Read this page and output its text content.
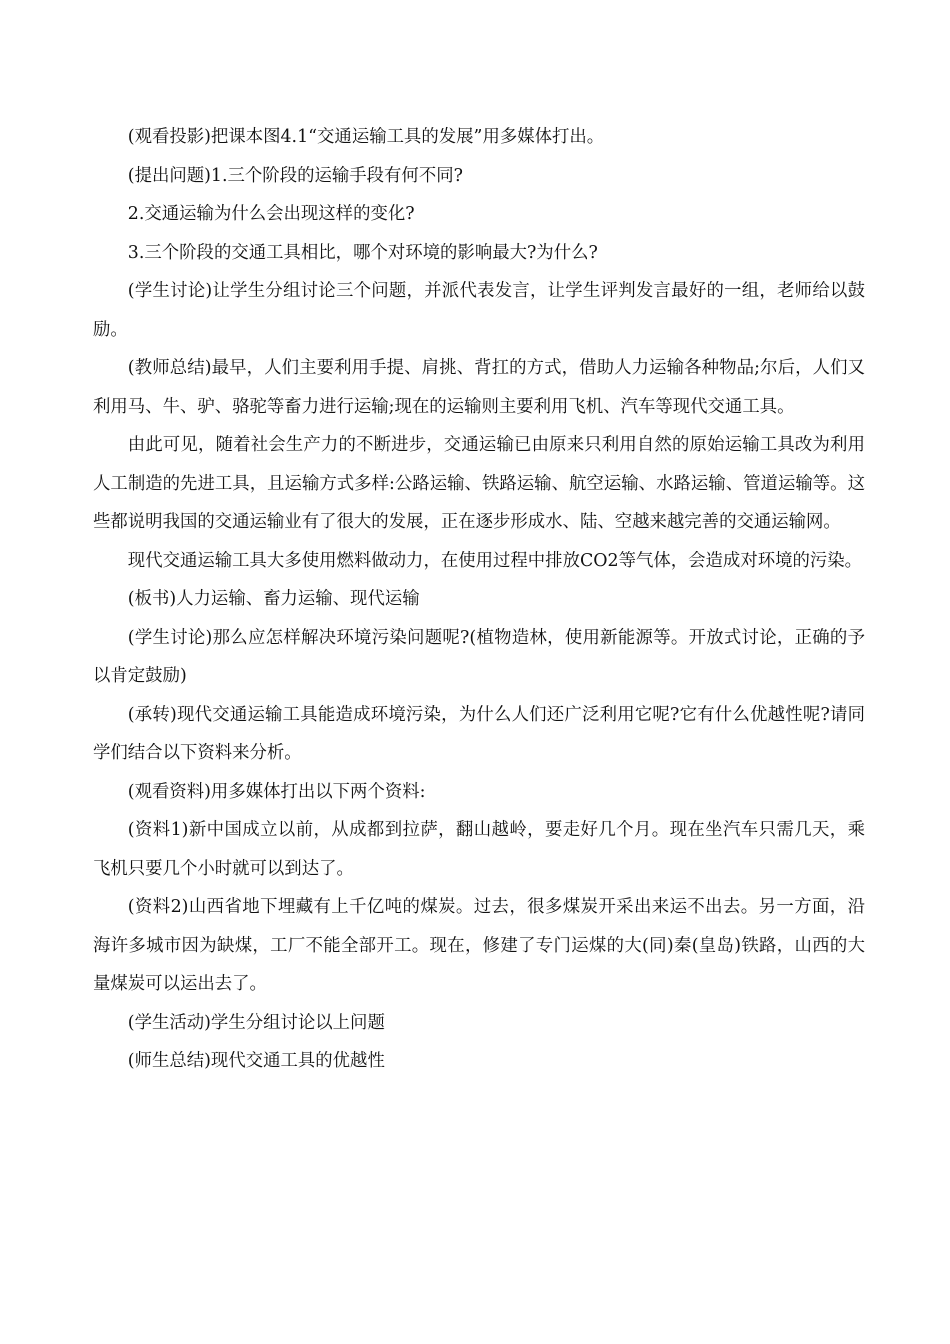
(观看投影)把课本图4.1“交通运输工具的发展”用多媒体打出。

(提出问题)1.三个阶段的运输手段有何不同?

2.交通运输为什么会出现这样的变化?

3.三个阶段的交通工具相比，哪个对环境的影响最大?为什么?

(学生讨论)让学生分组讨论三个问题，并派代表发言，让学生评判发言最好的一组，老师给以鼓励。

(教师总结)最早，人们主要利用手提、肩挑、背扛的方式，借助人力运输各种物品;尔后，人们又利用马、牛、驴、骆驼等畜力进行运输;现在的运输则主要利用飞机、汽车等现代交通工具。

由此可见，随着社会生产力的不断进步，交通运输已由原来只利用自然的原始运输工具改为利用人工制造的先进工具，且运输方式多样:公路运输、铁路运输、航空运输、水路运输、管道运输等。这些都说明我国的交通运输业有了很大的发展，正在逐步形成水、陆、空越来越完善的交通运输网。

现代交通运输工具大多使用燃料做动力，在使用过程中排放CO2等气体，会造成对环境的污染。

(板书)人力运输、畜力运输、现代运输

(学生讨论)那么应怎样解决环境污染问题呢?(植物造林，使用新能源等。开放式讨论，正确的予以肯定鼓励)

(承转)现代交通运输工具能造成环境污染，为什么人们还广泛利用它呢?它有什么优越性呢?请同学们结合以下资料来分析。

(观看资料)用多媒体打出以下两个资料:

(资料1)新中国成立以前，从成都到拉萨，翻山越岭，要走好几个月。现在坐汽车只需几天，乘飞机只要几个小时就可以到达了。

(资料2)山西省地下埋藏有上千亿吨的煤炭。过去，很多煤炭开采出来运不出去。另一方面，沿海许多城市因为缺煤，工厂不能全部开工。现在，修建了专门运煤的大(同)秦(皇岛)铁路，山西的大量煤炭可以运出去了。

(学生活动)学生分组讨论以上问题

(师生总结)现代交通工具的优越性
